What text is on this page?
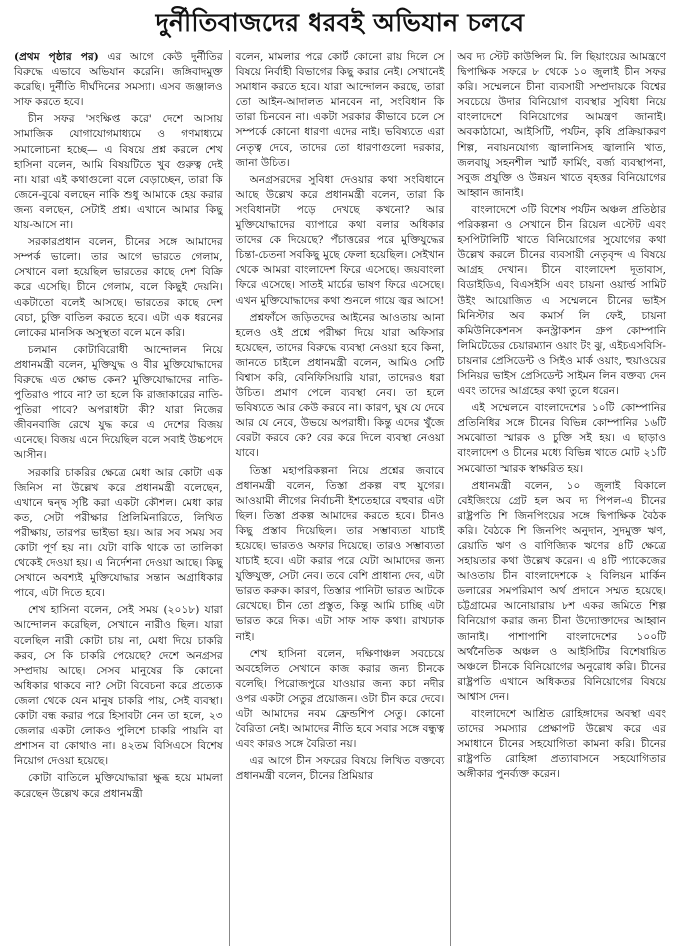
দুর্নীতিবাজদের ধরবই অভিযান চলবে

(প্রথম পৃষ্ঠার পর) এর আগে কেউ দুর্নীতির বিরুদ্ধে এভাবে অভিযান করেনি। জঙ্গিবাদমুক্ত করেছি। দুর্নীতি দীর্ঘদিনের সমস্যা। এসব জঞ্জালও সাফ করতে হবে।

চীন সফর 'সংক্ষিপ্ত করে' দেশে আসায় সামাজিক যোগাযোগমাধ্যমে ও গণমাধ্যমে সমালোচনা হচ্ছে— এ বিষয়ে প্রশ্ন করলে শেখ হাসিনা বলেন, আমি বিষয়টিতে খুব গুরুত্ব দেই না। যারা এই কথাগুলো বলে বেড়াচ্ছেন, তারা কি জেনে-বুঝে বলছেন নাকি শুধু আমাকে হেয় করার জন্য বলছেন, সেটাই প্রশ্ন। এখানে আমার কিছু যায়-আসে না।

সরকারপ্রধান বলেন, চীনের সঙ্গে আমাদের সম্পর্ক ভালো। তার আগে ভারতে গেলাম, সেখানে বলা হয়েছিল ভারতের কাছে দেশ বিক্রি করে এসেছি। চীনে গেলাম, বলে কিছুই দেয়নি। একটাতো বলেই আসছে। ভারতের কাছে দেশ বেচা, চুক্তি বাতিল করতে হবে। এটা এক ধরনের লোকের মানসিক অসুস্থতা বলে মনে করি।

চলমান কোটাবিরোধী আন্দোলন নিয়ে প্রধানমন্ত্রী বলেন, মুক্তিযুদ্ধ ও বীর মুক্তিযোদ্ধাদের বিরুদ্ধে এত ক্ষোভ কেন? মুক্তিযোদ্ধাদের নাতি-পুতিরাও পাবে না? তা হলে কি রাজাকারের নাতি-পুতিরা পাবে? অপরাধটা কী? যারা নিজের জীবনবাজি রেখে যুদ্ধ করে এ দেশের বিজয় এনেছে। বিজয় এনে দিয়েছিল বলে সবাই উচ্চপদে আসীন।

সরকারি চাকরির ক্ষেত্রে মেধা আর কোটা এক জিনিস না উল্লেখ করে প্রধানমন্ত্রী বলেছেন, এখানে দ্বন্দ্ব সৃষ্টি করা একটা কৌশল। মেধা কার কত, সেটা পরীক্ষার প্রিলিমিনারিতে, লিখিত পরীক্ষায়, তারপর ভাইভা হয়। আর সব সময় সব কোটা পূর্ণ হয় না। যেটা বাকি থাকে তা তালিকা থেকেই দেওয়া হয়। এ নির্দেশনা দেওয়া আছে। কিছু সেখানে অবশ্যই মুক্তিযোদ্ধার সন্তান অগ্রাধিকার পাবে, এটা দিতে হবে।

শেখ হাসিনা বলেন, সেই সময় (২০১৮) যারা আন্দোলন করেছিল, সেখানে নারীও ছিল। যারা বলেছিল নারী কোটা চায় না, মেধা দিয়ে চাকরি করব, সে কি চাকরি পেয়েছে? দেশে অনগ্রসর সম্প্রদায় আছে। সেসব মানুষের কি কোনো অধিকার থাকবে না? সেটা বিবেচনা করে প্রত্যেক জেলা থেকে যেন মানুষ চাকরি পায়, সেই ব্যবস্থা। কোটা বন্ধ করার পরে হিসাবটা নেন তা হলে, ২৩ জেলার একটা লোকও পুলিশে চাকরি পায়নি বা প্রশাসন বা কোথাও না। ৪২তম বিসিএসে বিশেষ নিয়োগ দেওয়া হয়েছে।

কোটা বাতিলে মুক্তিযোদ্ধারা ক্ষুব্ধ হয়ে মামলা করেছেন উল্লেখ করে প্রধানমন্ত্রী

বলেন, মামলার পরে কোর্ট কোনো রায় দিলে সে বিষয়ে নির্বাহী বিভাগের কিছু করার নেই। সেখানেই সমাধান করতে হবে। যারা আন্দোলন করছে, তারা তো আইন-আদালত মানবেন না, সংবিধান কি তারা চিনবেন না। একটা সরকার কীভাবে চলে সে সম্পর্কে কোনো ধারণা এদের নাই। ভবিষ্যতে এরা নেতৃত্ব দেবে, তাদের তো ধারণাগুলো দরকার, জানা উচিত।

অনগ্রসরদের সুবিধা দেওয়ার কথা সংবিধানে আছে উল্লেখ করে প্রধানমন্ত্রী বলেন, তারা কি সংবিধানটা পড়ে দেখছে কখনো? আর মুক্তিযোদ্ধাদের ব্যাপারে কথা বলার অধিকার তাদের কে দিয়েছে? পঁচাত্তরের পরে মুক্তিযুদ্ধের চিন্তা-চেতনা সবকিছু মুছে ফেলা হয়েছিল। সেইখান থেকে আমরা বাংলাদেশ ফিরে এসেছে। জয়বাংলা ফিরে এসেছে। সাতই মার্চের ভাষণ ফিরে এসেছে। এখন মুক্তিযোদ্ধাদের কথা শুনলে গায়ে জ্বর আসে!

প্রশ্নফাঁসে জড়িতদের আইনের আওতায় আনা হলেও ওই প্রশ্নে পরীক্ষা দিয়ে যারা অফিসার হয়েছেন, তাদের বিরুদ্ধে ব্যবস্থা নেওয়া হবে কিনা, জানতে চাইলে প্রধানমন্ত্রী বলেন, আমিও সেটি বিশ্বাস করি, বেনিফিসিয়ারি যারা, তাদেরও ধরা উচিত। প্রমাণ পেলে ব্যবস্থা নেব। তা হলে ভবিষ্যতে আর কেউ করবে না। কারণ, ঘুষ যে দেবে আর যে নেবে, উভয়ে অপরাধী। কিন্তু এদের খুঁজে বেরটা করবে কে? বের করে দিলে ব্যবস্থা নেওয়া যাবে।

তিস্তা মহাপরিকল্পনা নিয়ে প্রশ্নের জবাবে প্রধানমন্ত্রী বলেন, তিস্তা প্রকল্প বহু যুগের। আওয়ামী লীগের নির্বাচনী ইশতেহারে বহুবার এটা ছিল। তিস্তা প্রকল্প আমাদের করতে হবে। চীনও কিছু প্রস্তাব দিয়েছিল। তার সম্ভাব্যতা যাচাই হয়েছে। ভারতও অফার দিয়েছে। তারও সম্ভাব্যতা যাচাই হবে। এটা করার পরে যেটা আমাদের জন্য যুক্তিযুক্ত, সেটা নেব। তবে বেশি প্রাধান্য দেব, এটা ভারত করুক। কারণ, তিস্তার পানিটা ভারত আটকে রেখেছে। চীন তো প্রস্তুত, কিন্তু আমি চাচ্ছি এটা ভারত করে দিক। এটা সাফ সাফ কথা। রাখঢাক নাই।

শেখ হাসিনা বলেন, দক্ষিণাঞ্চল সবচেয়ে অবহেলিত সেখানে কাজ করার জন্য চীনকে বলেছি। পিরোজপুরে যাওয়ার জন্য কচা নদীর ওপর একটা সেতুর প্রয়োজন। ওটা চীন করে দেবে। এটা আমাদের নবম ফ্রেন্ডশিপ সেতু। কোনো বৈরিতা নেই। আমাদের নীতি হবে সবার সঙ্গে বন্ধুত্ব এবং কারও সঙ্গে বৈরিতা নয়।

এর আগে চীন সফরের বিষয়ে লিখিত বক্তব্যে প্রধানমন্ত্রী বলেন, চীনের প্রিমিয়ার

অব দ্য স্টেট কাউন্সিল মি. লি ছিয়াংয়ের আমন্ত্রণে দ্বিপাক্ষিক সফরে ৮ থেকে ১০ জুলাই চীন সফর করি। সম্মেলনে চীনা ব্যবসায়ী সম্প্রদায়কে বিশ্বের সবচেয়ে উদার বিনিয়োগ ব্যবস্থার সুবিধা নিয়ে বাংলাদেশে বিনিয়োগের আমন্ত্রণ জানাই। অবকাঠামো, আইসিটি, পর্যটন, কৃষি প্রক্রিয়াকরণ শিল্প, নবায়নযোগ্য জ্বালানিসহ জ্বালানি খাত, জলবায়ু সহনশীল স্মার্ট ফার্মিং, বর্জ্য ব্যবস্থাপনা, সবুজ প্রযুক্তি ও উন্নয়ন খাতে বৃহত্তর বিনিয়োগের আহ্বান জানাই।

বাংলাদেশে ৩টি বিশেষ পর্যটন অঞ্চল প্রতিষ্ঠার পরিকল্পনা ও সেখানে চীন রিয়েল এস্টেট এবং হসপিটালিটি খাতে বিনিয়োগের সুযোগের কথা উল্লেখ করলে চীনের ব্যবসায়ী নেতৃবৃন্দ এ বিষয়ে আগ্রহ দেখান। চীনে বাংলাদেশ দূতাবাস, বিডাইডিএ, বিএসইসি এবং চায়না ওয়ার্ল্ড সামিট উইং আয়োজিত এ সম্মেলনে চীনের ভাইস মিনিস্টার অব কমার্স লি ফেই, চায়না কমিউনিকেশনস কনস্ট্রাকশন গ্রুপ কোম্পানি লিমিটেডের চেয়ারম্যান ওয়াং টং ঝু, এইচএসবিসি-চায়নার প্রেসিডেন্ট ও সিইও মার্ক ওয়াং, হুয়াওয়ের সিনিয়র ভাইস প্রেসিডেন্ট সাইমন লিন বক্তব্য দেন এবং তাদের আগ্রহের কথা তুলে ধরেন।

এই সম্মেলনে বাংলাদেশের ১০টি কোম্পানির প্রতিনিধির সঙ্গে চীনের বিভিন্ন কোম্পানির ১৬টি সমঝোতা স্মারক ও চুক্তি সই হয়। এ ছাড়াও বাংলাদেশ ও চীনের মধ্যে বিভিন্ন খাতে মোট ২১টি সমঝোতা স্মারক স্বাক্ষরিত হয়।

প্রধানমন্ত্রী বলেন, ১০ জুলাই বিকালে বেইজিংয়ে গ্রেট হল অব দ্য পিপল-এ চীনের রাষ্ট্রপতি শি জিনপিংয়ের সঙ্গে দ্বিপাক্ষিক বৈঠক করি। বৈঠকে শি জিনপিং অনুদান, সুদমুক্ত ঋণ, রেয়াতি ঋণ ও বাণিজ্যিক ঋণের ৪টি ক্ষেত্রে সহায়তার কথা উল্লেখ করেন। এ ৪টি প্যাকেজের আওতায় চীন বাংলাদেশকে ২ বিলিয়ন মার্কিন ডলারের সমপরিমাণ অর্থ প্রদানে সম্মত হয়েছে। চট্টগ্রামের আনোয়ারায় ৮শ একর জমিতে শিল্প বিনিয়োগ করার জন্য চীনা উদ্যোক্তাদের আহ্বান জানাই। পাশাপাশি বাংলাদেশের ১০০টি অর্থনৈতিক অঞ্চল ও আইসিটির বিশেষায়িত অঞ্চলে চীনকে বিনিয়োগের অনুরোধ করি। চীনের রাষ্ট্রপতি এখানে অধিকতর বিনিয়োগের বিষয়ে আশ্বাস দেন।

বাংলাদেশে আশ্রিত রোহিঙ্গাদের অবস্থা এবং তাদের সমস্যার প্রেক্ষাপট উল্লেখ করে এর সমাধানে চীনের সহযোগিতা কামনা করি। চীনের রাষ্ট্রপতি রোহিঙ্গা প্রত্যাবাসনে সহযোগিতার অঙ্গীকার পুনর্ব্যক্ত করেন।
